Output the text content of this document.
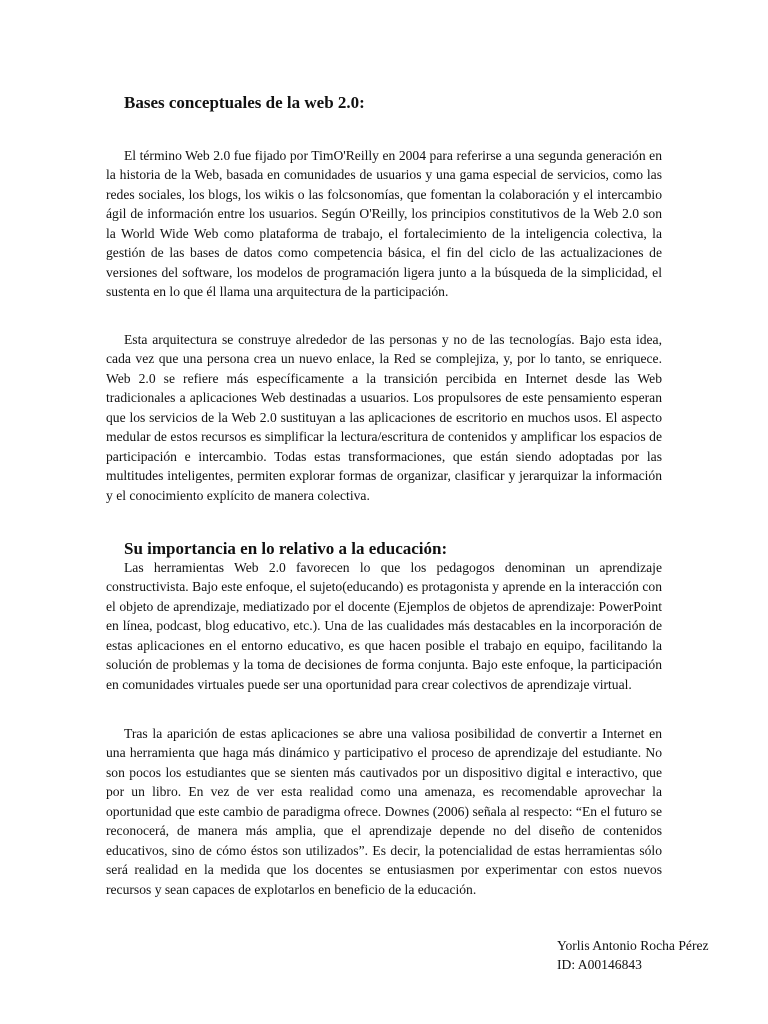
Bases conceptuales de la web 2.0:

El término Web 2.0 fue fijado por TimO'Reilly en 2004 para referirse a una segunda generación en la historia de la Web, basada en comunidades de usuarios y una gama especial de servicios, como las redes sociales, los blogs, los wikis o las folcsonomías, que fomentan la colaboración y el intercambio ágil de información entre los usuarios. Según O'Reilly, los principios constitutivos de la Web 2.0 son la World Wide Web como plataforma de trabajo, el fortalecimiento de la inteligencia colectiva, la gestión de las bases de datos como competencia básica, el fin del ciclo de las actualizaciones de versiones del software, los modelos de programación ligera junto a la búsqueda de la simplicidad, el sustenta en lo que él llama una arquitectura de la participación.

Esta arquitectura se construye alrededor de las personas y no de las tecnologías. Bajo esta idea, cada vez que una persona crea un nuevo enlace, la Red se complejiza, y, por lo tanto, se enriquece. Web 2.0 se refiere más específicamente a la transición percibida en Internet desde las Web tradicionales a aplicaciones Web destinadas a usuarios. Los propulsores de este pensamiento esperan que los servicios de la Web 2.0 sustituyan a las aplicaciones de escritorio en muchos usos. El aspecto medular de estos recursos es simplificar la lectura/escritura de contenidos y amplificar los espacios de participación e intercambio. Todas estas transformaciones, que están siendo adoptadas por las multitudes inteligentes, permiten explorar formas de organizar, clasificar y jerarquizar la información y el conocimiento explícito de manera colectiva.

Su importancia en lo relativo a la educación:

Las herramientas Web 2.0 favorecen lo que los pedagogos denominan un aprendizaje constructivista. Bajo este enfoque, el sujeto(educando) es protagonista y aprende en la interacción con el objeto de aprendizaje, mediatizado por el docente (Ejemplos de objetos de aprendizaje: PowerPoint en línea, podcast, blog educativo, etc.). Una de las cualidades más destacables en la incorporación de estas aplicaciones en el entorno educativo, es que hacen posible el trabajo en equipo, facilitando la solución de problemas y la toma de decisiones de forma conjunta. Bajo este enfoque, la participación en comunidades virtuales puede ser una oportunidad para crear colectivos de aprendizaje virtual.

Tras la aparición de estas aplicaciones se abre una valiosa posibilidad de convertir a Internet en una herramienta que haga más dinámico y participativo el proceso de aprendizaje del estudiante. No son pocos los estudiantes que se sienten más cautivados por un dispositivo digital e interactivo, que por un libro. En vez de ver esta realidad como una amenaza, es recomendable aprovechar la oportunidad que este cambio de paradigma ofrece. Downes (2006) señala al respecto: “En el futuro se reconocerá, de manera más amplia, que el aprendizaje depende no del diseño de contenidos educativos, sino de cómo éstos son utilizados”. Es decir, la potencialidad de estas herramientas sólo será realidad en la medida que los docentes se entusiasmen por experimentar con estos nuevos recursos y sean capaces de explotarlos en beneficio de la educación.

Yorlis Antonio Rocha Pérez
ID: A00146843
